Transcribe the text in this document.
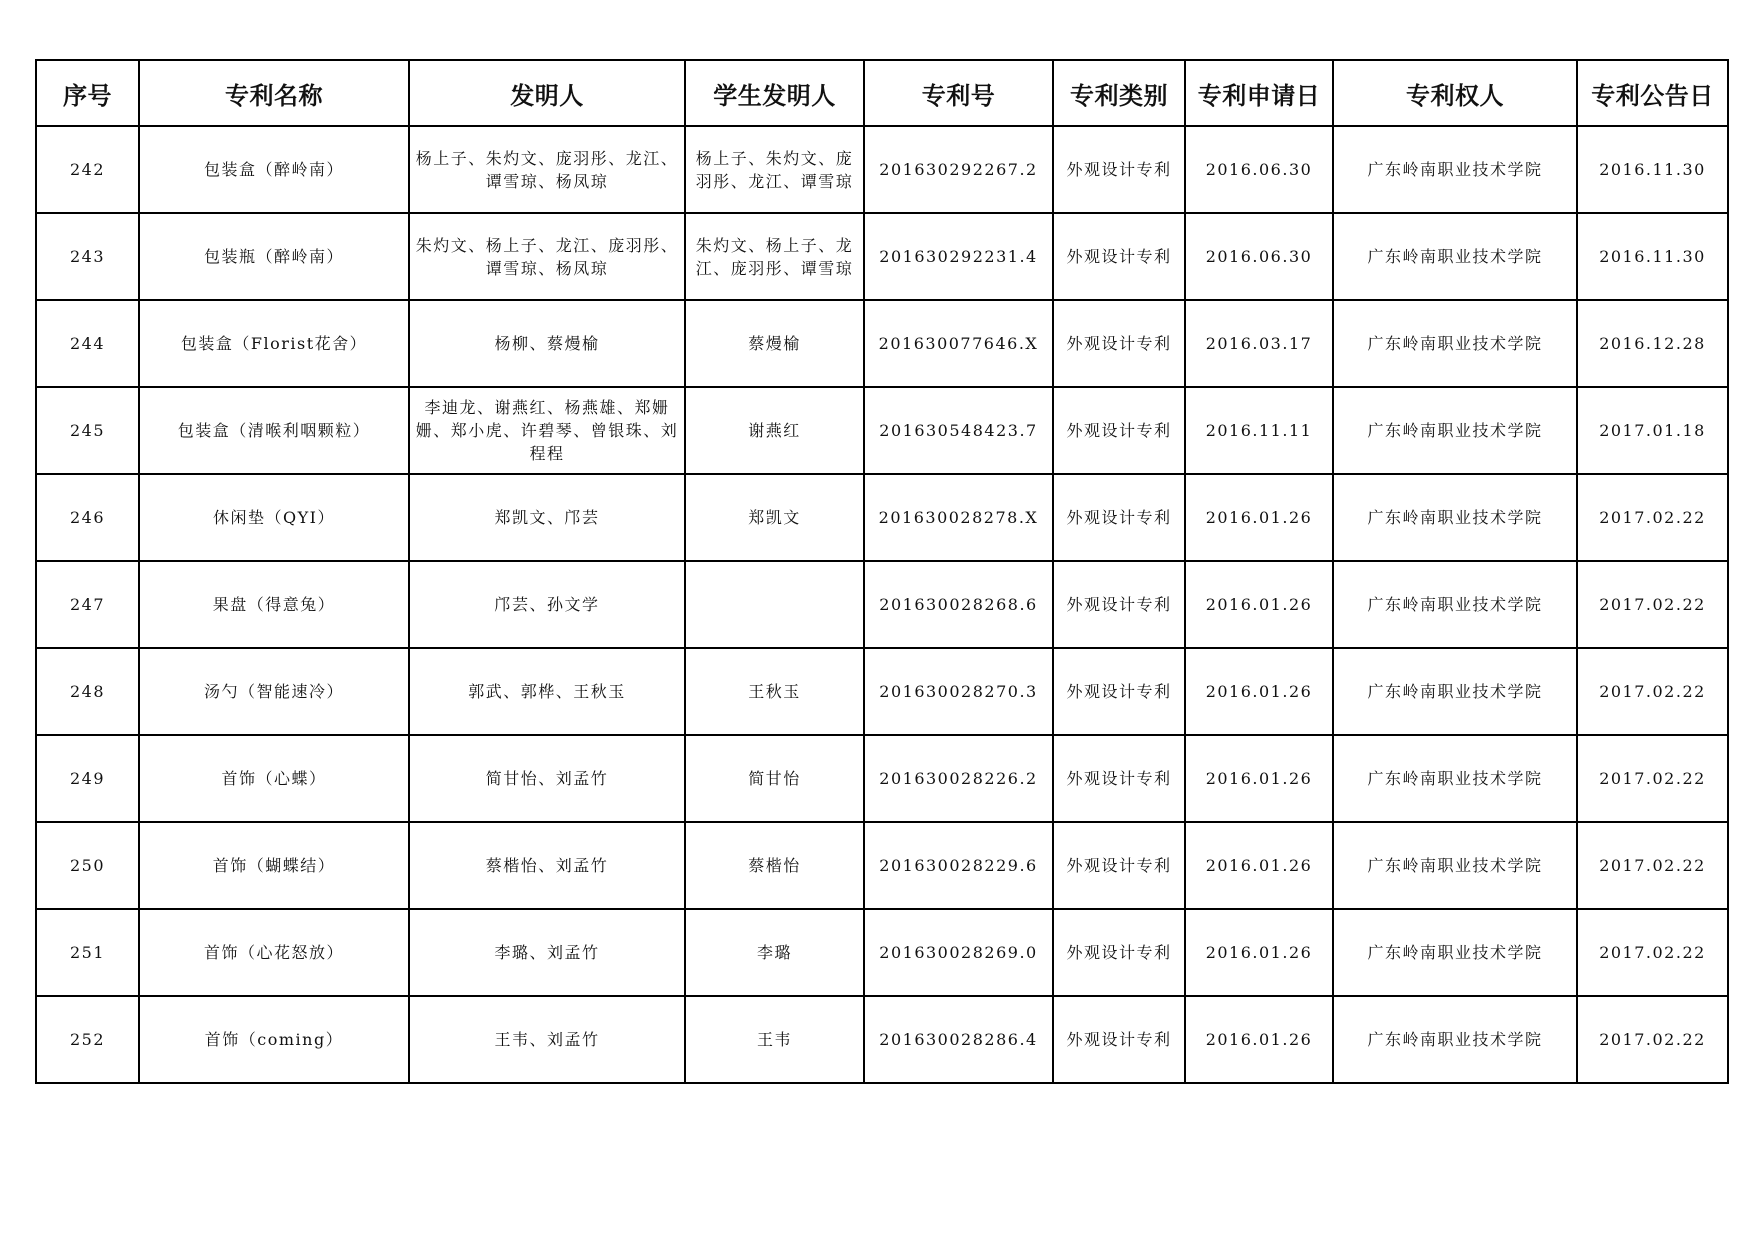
序号	专利名称	发明人	学生发明人	专利号	专利类别	专利申请日	专利权人	专利公告日
242	包装盒（醉岭南）	杨上子、朱灼文、庞羽彤、龙江、谭雪琼、杨凤琼	杨上子、朱灼文、庞羽彤、龙江、谭雪琼	201630292267.2	外观设计专利	2016.06.30	广东岭南职业技术学院	2016.11.30
243	包装瓶（醉岭南）	朱灼文、杨上子、龙江、庞羽彤、谭雪琼、杨凤琼	朱灼文、杨上子、龙江、庞羽彤、谭雪琼	201630292231.4	外观设计专利	2016.06.30	广东岭南职业技术学院	2016.11.30
244	包装盒（Florist花舍）	杨柳、蔡熳榆	蔡熳榆	201630077646.X	外观设计专利	2016.03.17	广东岭南职业技术学院	2016.12.28
245	包装盒（清喉利咽颗粒）	李迪龙、谢燕红、杨燕雄、郑姗姗、郑小虎、许碧琴、曾银珠、刘程程	谢燕红	201630548423.7	外观设计专利	2016.11.11	广东岭南职业技术学院	2017.01.18
246	休闲垫（QYI）	郑凯文、邝芸	郑凯文	201630028278.X	外观设计专利	2016.01.26	广东岭南职业技术学院	2017.02.22
247	果盘（得意兔）	邝芸、孙文学		201630028268.6	外观设计专利	2016.01.26	广东岭南职业技术学院	2017.02.22
248	汤勺（智能速冷）	郭武、郭桦、王秋玉	王秋玉	201630028270.3	外观设计专利	2016.01.26	广东岭南职业技术学院	2017.02.22
249	首饰（心蝶）	简甘怡、刘孟竹	简甘怡	201630028226.2	外观设计专利	2016.01.26	广东岭南职业技术学院	2017.02.22
250	首饰（蝴蝶结）	蔡楷怡、刘孟竹	蔡楷怡	201630028229.6	外观设计专利	2016.01.26	广东岭南职业技术学院	2017.02.22
251	首饰（心花怒放）	李璐、刘孟竹	李璐	201630028269.0	外观设计专利	2016.01.26	广东岭南职业技术学院	2017.02.22
252	首饰（coming）	王韦、刘孟竹	王韦	201630028286.4	外观设计专利	2016.01.26	广东岭南职业技术学院	2017.02.22
